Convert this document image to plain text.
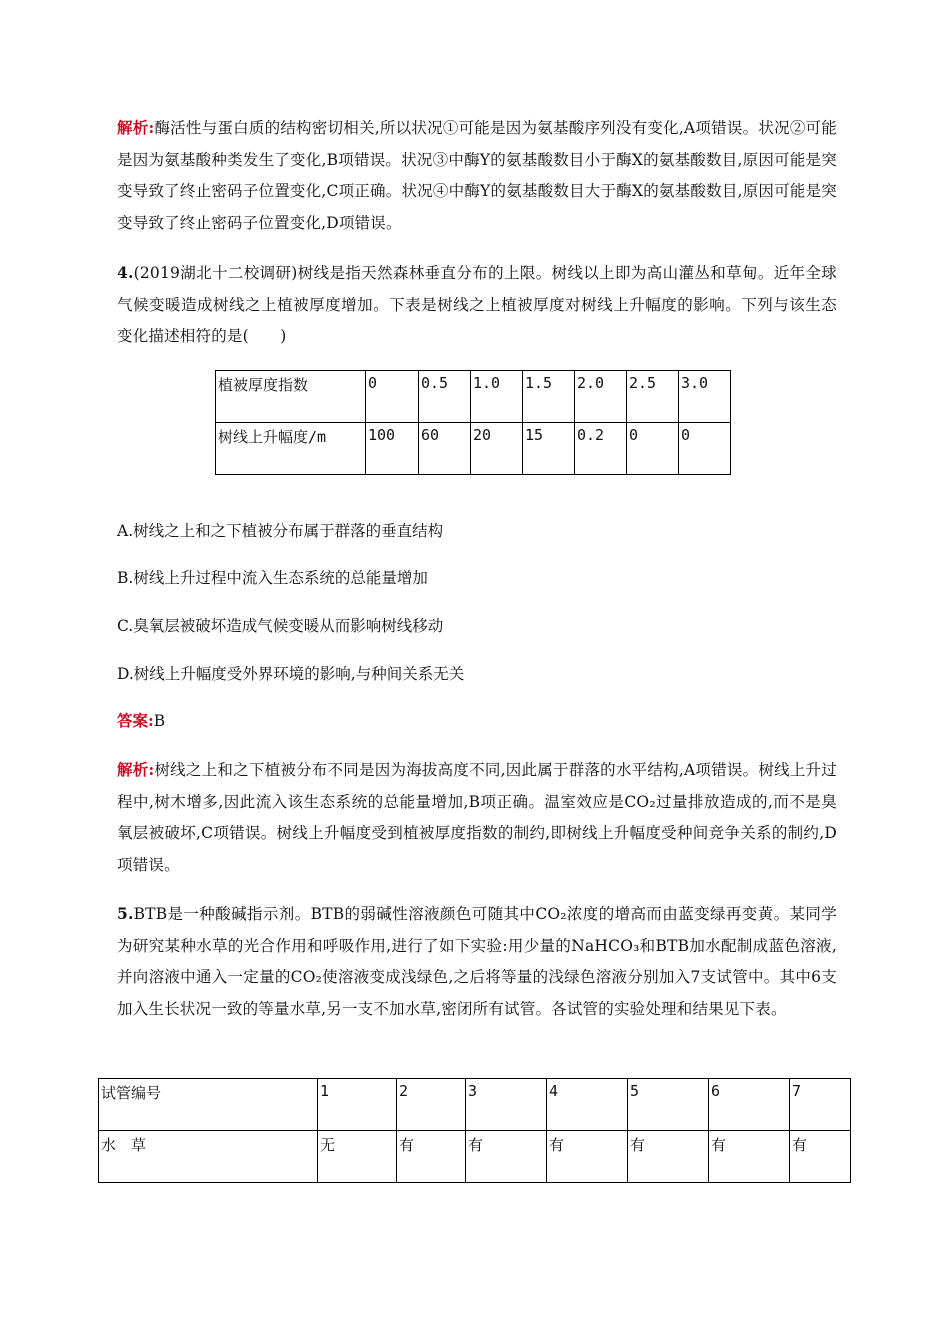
解析:酶活性与蛋白质的结构密切相关,所以状况①可能是因为氨基酸序列没有变化,A项错误。状况②可能是因为氨基酸种类发生了变化,B项错误。状况③中酶Y的氨基酸数目小于酶X的氨基酸数目,原因可能是突变导致了终止密码子位置变化,C项正确。状况④中酶Y的氨基酸数目大于酶X的氨基酸数目,原因可能是突变导致了终止密码子位置变化,D项错误。

4.(2019湖北十二校调研)树线是指天然森林垂直分布的上限。树线以上即为高山灌丛和草甸。近年全球气候变暖造成树线之上植被厚度增加。下表是树线之上植被厚度对树线上升幅度的影响。下列与该生态变化描述相符的是(　　)

植被厚度指数	0	0.5	1.0	1.5	2.0	2.5	3.0
树线上升幅度/m	100	60	20	15	0.2	0	0

A.树线之上和之下植被分布属于群落的垂直结构

B.树线上升过程中流入生态系统的总能量增加

C.臭氧层被破坏造成气候变暖从而影响树线移动

D.树线上升幅度受外界环境的影响,与种间关系无关

答案:B

解析:树线之上和之下植被分布不同是因为海拔高度不同,因此属于群落的水平结构,A项错误。树线上升过程中,树木增多,因此流入该生态系统的总能量增加,B项正确。温室效应是CO₂过量排放造成的,而不是臭氧层被破坏,C项错误。树线上升幅度受到植被厚度指数的制约,即树线上升幅度受种间竞争关系的制约,D项错误。

5.BTB是一种酸碱指示剂。BTB的弱碱性溶液颜色可随其中CO₂浓度的增高而由蓝变绿再变黄。某同学为研究某种水草的光合作用和呼吸作用,进行了如下实验:用少量的NaHCO₃和BTB加水配制成蓝色溶液,并向溶液中通入一定量的CO₂使溶液变成浅绿色,之后将等量的浅绿色溶液分别加入7支试管中。其中6支加入生长状况一致的等量水草,另一支不加水草,密闭所有试管。各试管的实验处理和结果见下表。

试管编号	1	2	3	4	5	6	7
水　草	无	有	有	有	有	有	有
